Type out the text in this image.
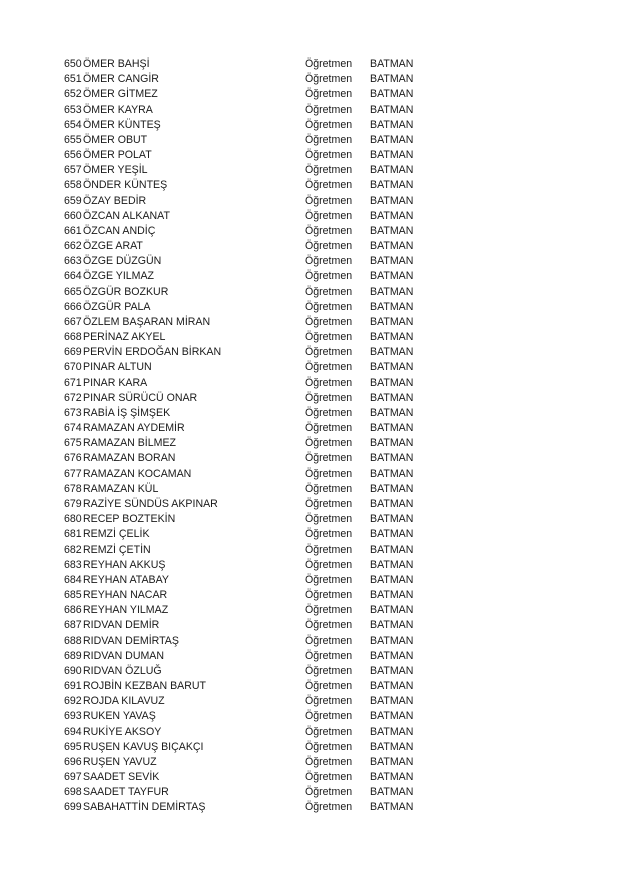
650 ÖMER BAHŞİ	Öğretmen BATMAN
651 ÖMER CANGİR	Öğretmen BATMAN
652 ÖMER GİTMEZ	Öğretmen BATMAN
653 ÖMER KAYRA	Öğretmen BATMAN
654 ÖMER KÜNTEŞ	Öğretmen BATMAN
655 ÖMER OBUT	Öğretmen BATMAN
656 ÖMER POLAT	Öğretmen BATMAN
657 ÖMER YEŞİL	Öğretmen BATMAN
658 ÖNDER KÜNTEŞ	Öğretmen BATMAN
659 ÖZAY BEDİR	Öğretmen BATMAN
660 ÖZCAN ALKANAT	Öğretmen BATMAN
661 ÖZCAN ANDİÇ	Öğretmen BATMAN
662 ÖZGE ARAT	Öğretmen BATMAN
663 ÖZGE DÜZGÜN	Öğretmen BATMAN
664 ÖZGE YILMAZ	Öğretmen BATMAN
665 ÖZGÜR BOZKUR	Öğretmen BATMAN
666 ÖZGÜR PALA	Öğretmen BATMAN
667 ÖZLEM BAŞARAN MİRAN	Öğretmen BATMAN
668 PERİNAZ AKYEL	Öğretmen BATMAN
669 PERVİN ERDOĞAN BİRKAN	Öğretmen BATMAN
670 PINAR ALTUN	Öğretmen BATMAN
671 PINAR KARA	Öğretmen BATMAN
672 PINAR SÜRÜCÜ ONAR	Öğretmen BATMAN
673 RABİA İŞ ŞİMŞEK	Öğretmen BATMAN
674 RAMAZAN AYDEMİR	Öğretmen BATMAN
675 RAMAZAN BİLMEZ	Öğretmen BATMAN
676 RAMAZAN BORAN	Öğretmen BATMAN
677 RAMAZAN KOCAMAN	Öğretmen BATMAN
678 RAMAZAN KÜL	Öğretmen BATMAN
679 RAZİYE SÜNDÜS AKPINAR	Öğretmen BATMAN
680 RECEP BOZTEKİN	Öğretmen BATMAN
681 REMZİ ÇELİK	Öğretmen BATMAN
682 REMZİ ÇETİN	Öğretmen BATMAN
683 REYHAN AKKUŞ	Öğretmen BATMAN
684 REYHAN ATABAY	Öğretmen BATMAN
685 REYHAN NACAR	Öğretmen BATMAN
686 REYHAN YILMAZ	Öğretmen BATMAN
687 RIDVAN DEMİR	Öğretmen BATMAN
688 RIDVAN DEMİRTAŞ	Öğretmen BATMAN
689 RIDVAN DUMAN	Öğretmen BATMAN
690 RIDVAN ÖZLUĞ	Öğretmen BATMAN
691 ROJBİN KEZBAN BARUT	Öğretmen BATMAN
692 ROJDA KILAVUZ	Öğretmen BATMAN
693 RUKEN YAVAŞ	Öğretmen BATMAN
694 RUKİYE AKSOY	Öğretmen BATMAN
695 RUŞEN KAVUŞ BIÇAKÇI	Öğretmen BATMAN
696 RUŞEN YAVUZ	Öğretmen BATMAN
697 SAADET SEVİK	Öğretmen BATMAN
698 SAADET TAYFUR	Öğretmen BATMAN
699 SABAHATTİN DEMİRTAŞ	Öğretmen BATMAN
